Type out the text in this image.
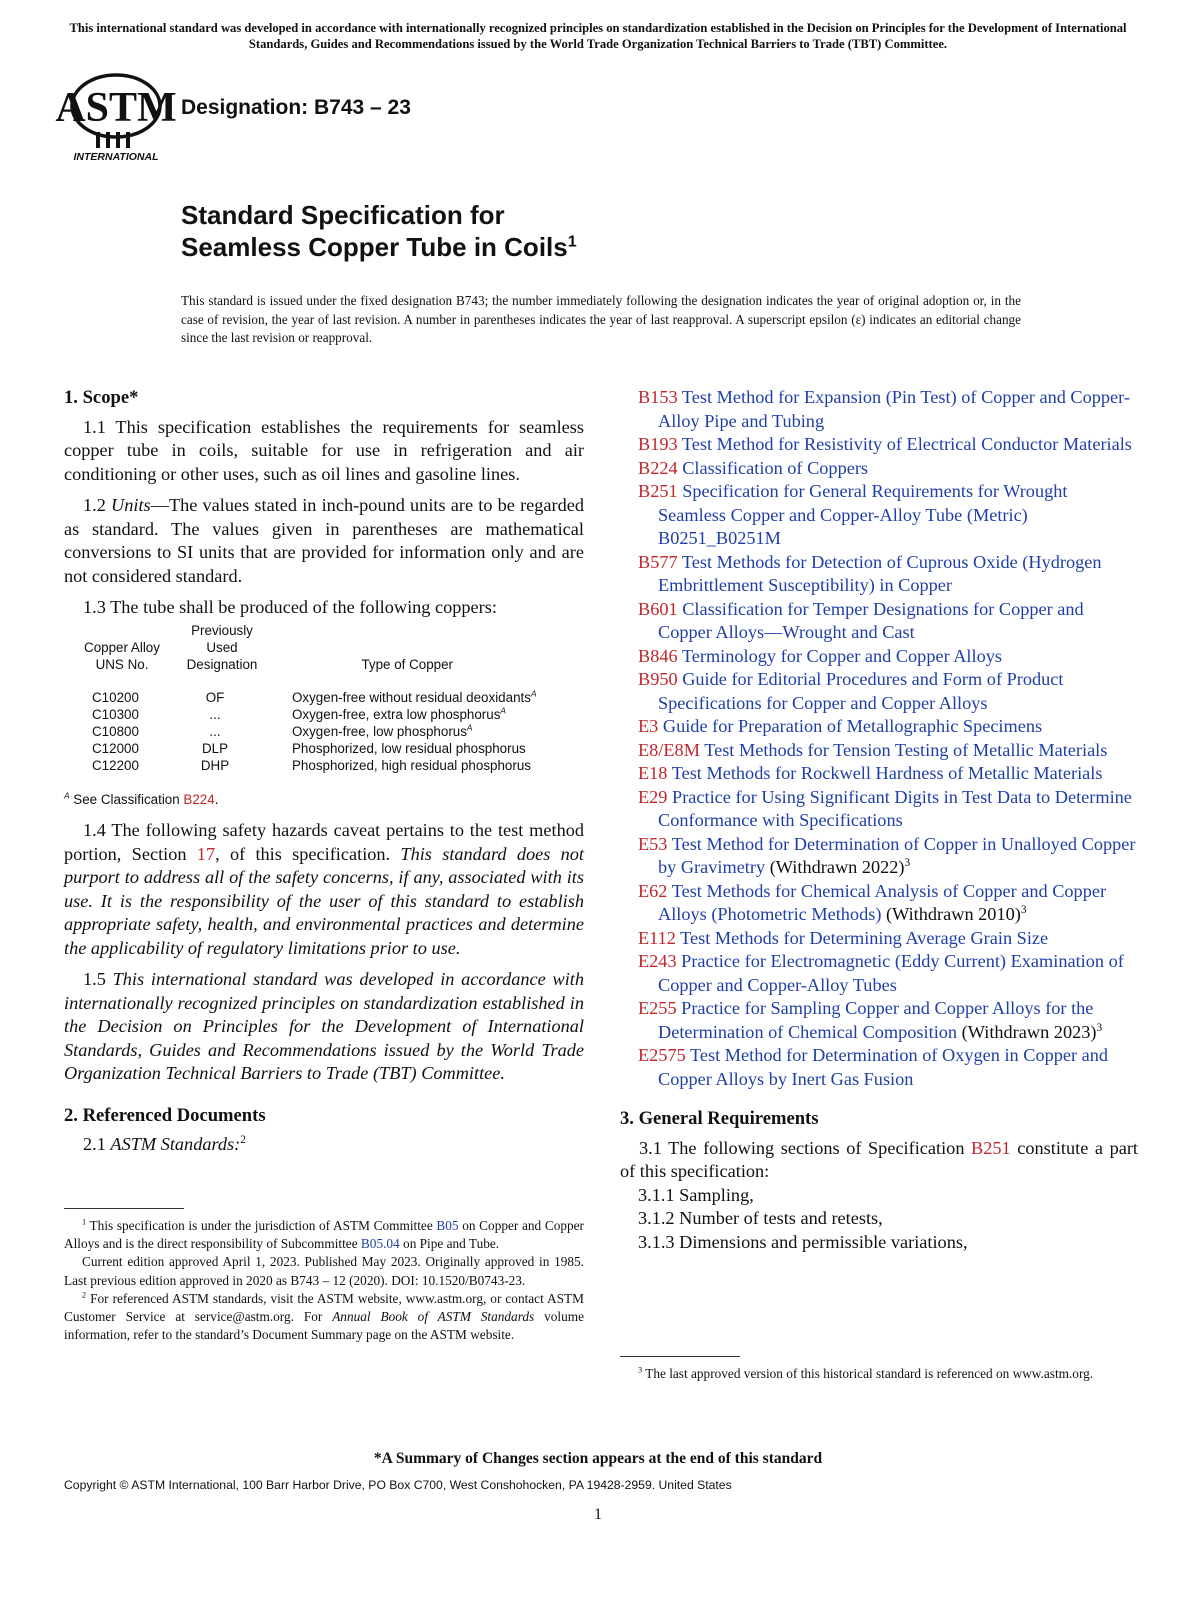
This international standard was developed in accordance with internationally recognized principles on standardization established in the Decision on Principles for the Development of International Standards, Guides and Recommendations issued by the World Trade Organization Technical Barriers to Trade (TBT) Committee.
ASTM
INTERNATIONAL
Designation: B743 – 23
Standard Specification for
Seamless Copper Tube in Coils$^1$
This standard is issued under the fixed designation B743; the number immediately following the designation indicates the year of original adoption or, in the case of revision, the year of last revision. A number in parentheses indicates the year of last reapproval. A superscript epsilon (ε) indicates an editorial change since the last revision or reapproval.
1. Scope*

1.1 This specification establishes the requirements for seamless copper tube in coils, suitable for use in refrigeration and air conditioning or other uses, such as oil lines and gasoline lines.

1.2 Units—The values stated in inch-pound units are to be regarded as standard. The values given in parentheses are mathematical conversions to SI units that are provided for information only and are not considered standard.

1.3 The tube shall be produced of the following coppers:

Copper Alloy UNS No.	Previously Used Designation	Type of Copper
C10200	OF	Oxygen-free without residual deoxidants$^A$
C10300	...	Oxygen-free, extra low phosphorus$^A$
C10800	...	Oxygen-free, low phosphorus$^A$
C12000	DLP	Phosphorized, low residual phosphorus
C12200	DHP	Phosphorized, high residual phosphorus
$^A$ See Classification B224.

1.4 The following safety hazards caveat pertains to the test method portion, Section 17, of this specification. This standard does not purport to address all of the safety concerns, if any, associated with its use. It is the responsibility of the user of this standard to establish appropriate safety, health, and environmental practices and determine the applicability of regulatory limitations prior to use.

1.5 This international standard was developed in accordance with internationally recognized principles on standardization established in the Decision on Principles for the Development of International Standards, Guides and Recommendations issued by the World Trade Organization Technical Barriers to Trade (TBT) Committee.

2. Referenced Documents

2.1 ASTM Standards:$^2$

B153 Test Method for Expansion (Pin Test) of Copper and Copper-Alloy Pipe and Tubing
B193 Test Method for Resistivity of Electrical Conductor Materials
B224 Classification of Coppers
B251 Specification for General Requirements for Wrought Seamless Copper and Copper-Alloy Tube (Metric) B0251_B0251M
B577 Test Methods for Detection of Cuprous Oxide (Hydrogen Embrittlement Susceptibility) in Copper
B601 Classification for Temper Designations for Copper and Copper Alloys—Wrought and Cast
B846 Terminology for Copper and Copper Alloys
B950 Guide for Editorial Procedures and Form of Product Specifications for Copper and Copper Alloys
E3 Guide for Preparation of Metallographic Specimens
E8/E8M Test Methods for Tension Testing of Metallic Materials
E18 Test Methods for Rockwell Hardness of Metallic Materials
E29 Practice for Using Significant Digits in Test Data to Determine Conformance with Specifications
E53 Test Method for Determination of Copper in Unalloyed Copper by Gravimetry (Withdrawn 2022)$^3$
E62 Test Methods for Chemical Analysis of Copper and Copper Alloys (Photometric Methods) (Withdrawn 2010)$^3$
E112 Test Methods for Determining Average Grain Size
E243 Practice for Electromagnetic (Eddy Current) Examination of Copper and Copper-Alloy Tubes
E255 Practice for Sampling Copper and Copper Alloys for the Determination of Chemical Composition (Withdrawn 2023)$^3$
E2575 Test Method for Determination of Oxygen in Copper and Copper Alloys by Inert Gas Fusion
3. General Requirements

3.1 The following sections of Specification B251 constitute a part of this specification:

3.1.1 Sampling,
3.1.2 Number of tests and retests,
3.1.3 Dimensions and permissible variations,

$^1$ This specification is under the jurisdiction of ASTM Committee B05 on Copper and Copper Alloys and is the direct responsibility of Subcommittee B05.04 on Pipe and Tube.

Current edition approved April 1, 2023. Published May 2023. Originally approved in 1985. Last previous edition approved in 2020 as B743 – 12 (2020). DOI: 10.1520/B0743-23.

$^2$ For referenced ASTM standards, visit the ASTM website, www.astm.org, or contact ASTM Customer Service at service@astm.org. For Annual Book of ASTM Standards volume information, refer to the standard’s Document Summary page on the ASTM website.

$^3$ The last approved version of this historical standard is referenced on www.astm.org.

*A Summary of Changes section appears at the end of this standard
Copyright © ASTM International, 100 Barr Harbor Drive, PO Box C700, West Conshohocken, PA 19428-2959. United States
1
